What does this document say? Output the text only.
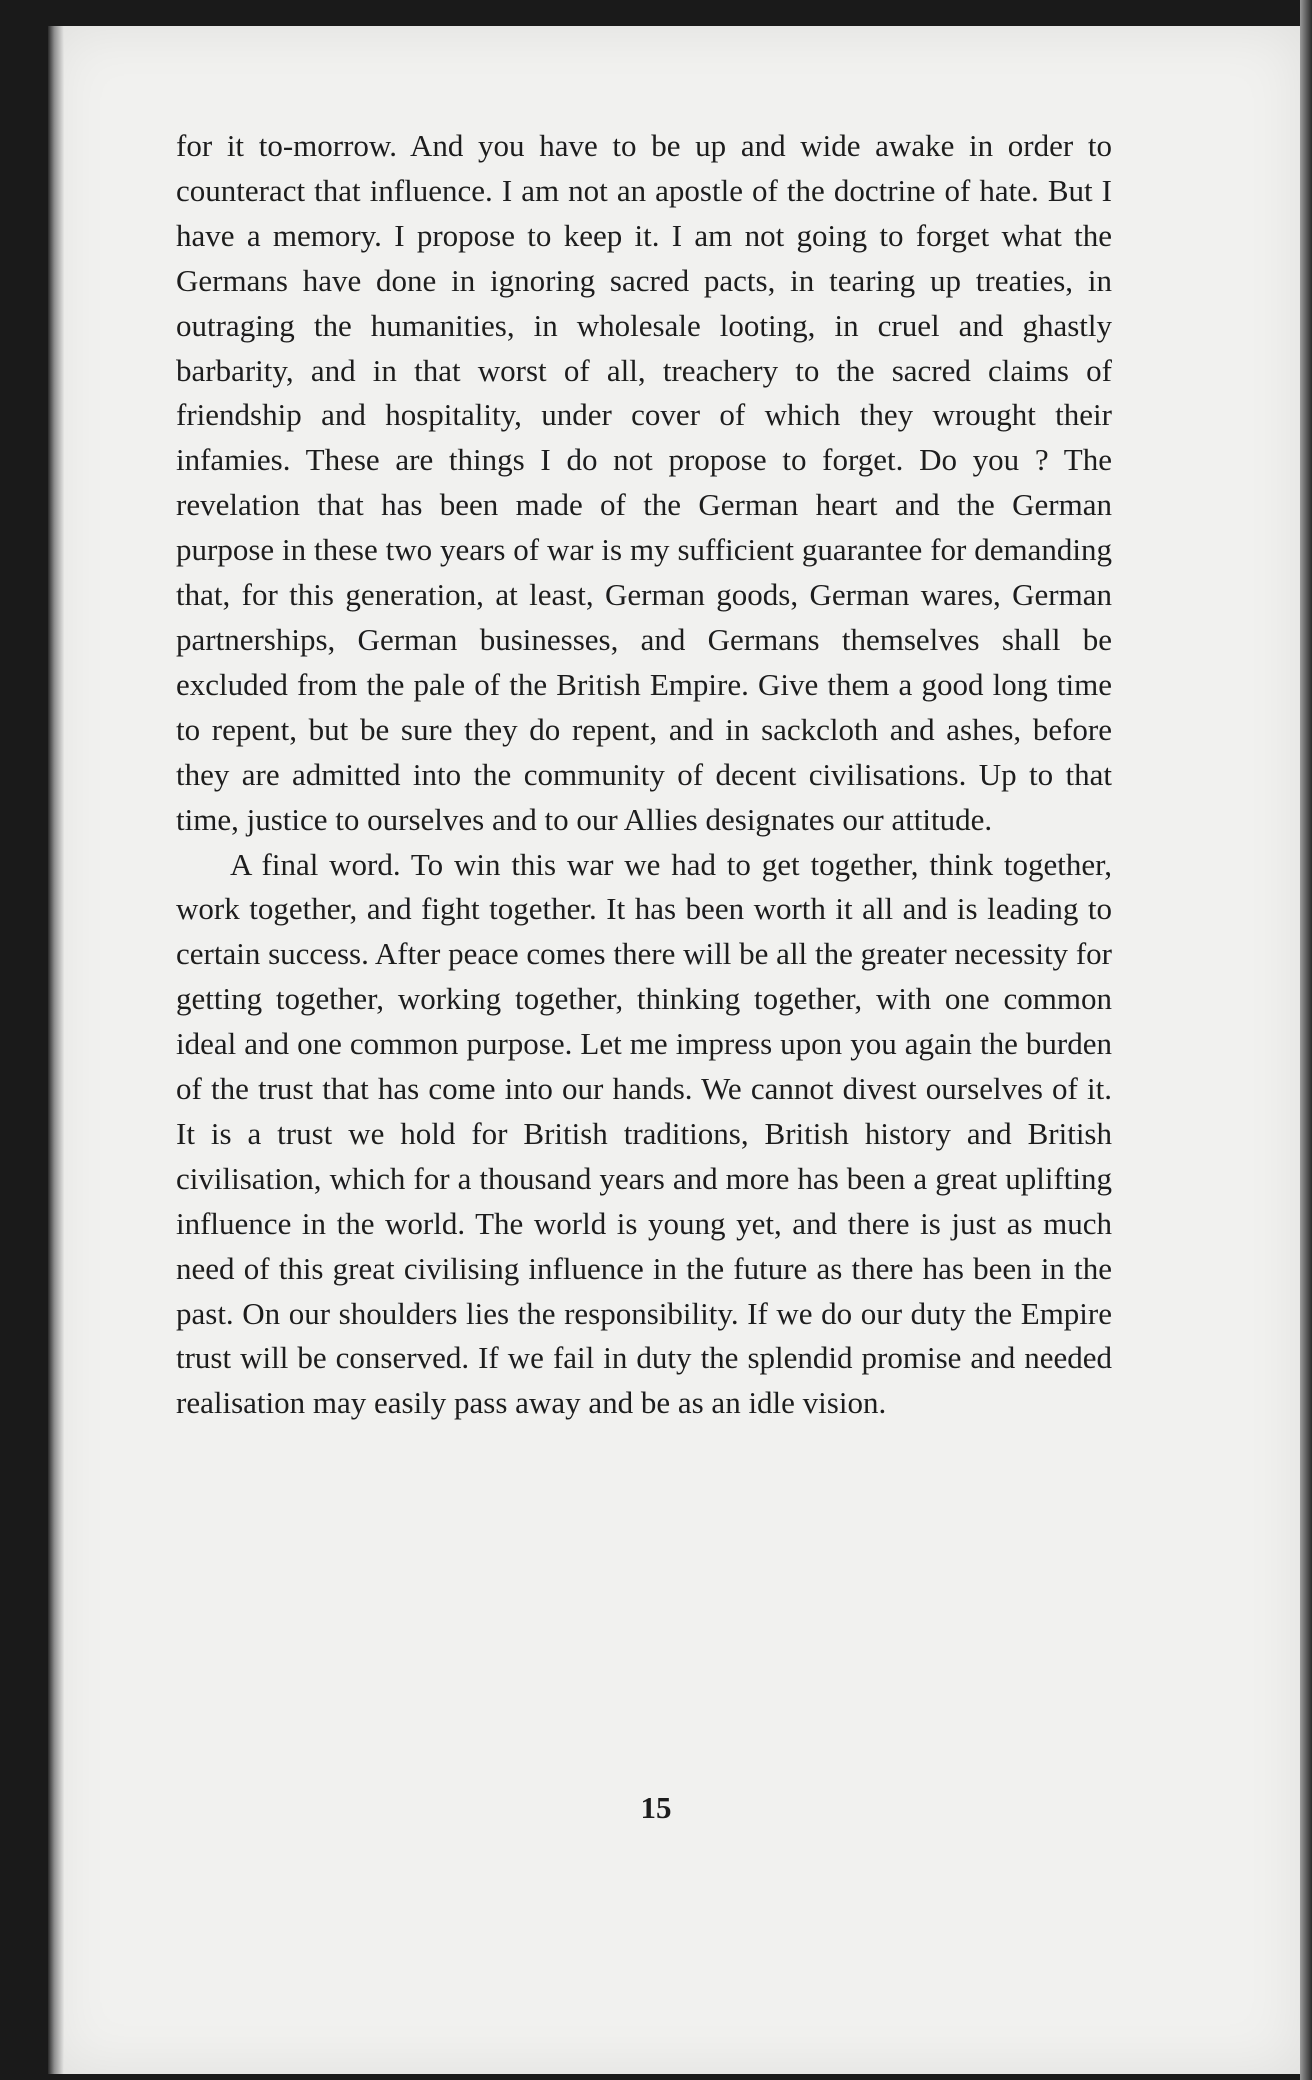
for it to-morrow. And you have to be up and wide awake in order to counteract that influence. I am not an apostle of the doctrine of hate. But I have a memory. I propose to keep it. I am not going to forget what the Germans have done in ignoring sacred pacts, in tearing up treaties, in outraging the humanities, in wholesale looting, in cruel and ghastly barbarity, and in that worst of all, treachery to the sacred claims of friendship and hospitality, under cover of which they wrought their infamies. These are things I do not propose to forget. Do you ? The revelation that has been made of the German heart and the German purpose in these two years of war is my sufficient guarantee for demanding that, for this generation, at least, German goods, German wares, German partnerships, German businesses, and Germans themselves shall be excluded from the pale of the British Empire. Give them a good long time to repent, but be sure they do repent, and in sackcloth and ashes, before they are admitted into the community of decent civilisations. Up to that time, justice to ourselves and to our Allies designates our attitude.

A final word. To win this war we had to get together, think together, work together, and fight together. It has been worth it all and is leading to certain success. After peace comes there will be all the greater necessity for getting together, working together, thinking together, with one common ideal and one common purpose. Let me impress upon you again the burden of the trust that has come into our hands. We cannot divest ourselves of it. It is a trust we hold for British traditions, British history and British civilisation, which for a thousand years and more has been a great uplifting influence in the world. The world is young yet, and there is just as much need of this great civilising influence in the future as there has been in the past. On our shoulders lies the responsibility. If we do our duty the Empire trust will be conserved. If we fail in duty the splendid promise and needed realisation may easily pass away and be as an idle vision.

15
